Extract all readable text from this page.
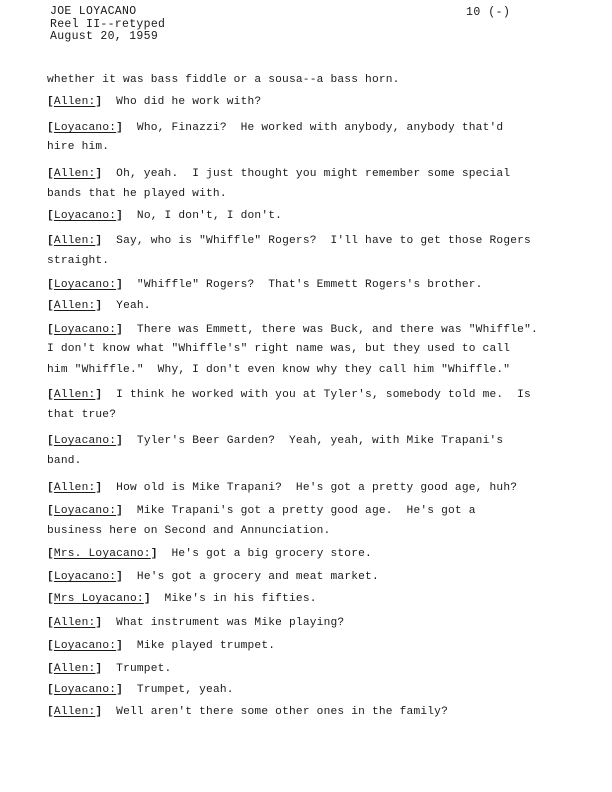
JOE LOYACANO
Reel II--retyped
August 20, 1959
10 (-)
whether it was bass fiddle or a sousa--a bass horn.
[Allen:]  Who did he work with?
[Loyacano:]  Who, Finazzi?  He worked with anybody, anybody that'd
hire him.
[Allen:]  Oh, yeah.  I just thought you might remember some special
bands that he played with.
[Loyacano:]  No, I don't, I don't.
[Allen:]  Say, who is "Whiffle" Rogers?  I'll have to get those Rogers
straight.
[Loyacano:]  "Whiffle" Rogers?  That's Emmett Rogers's brother.
[Allen:]  Yeah.
[Loyacano:]  There was Emmett, there was Buck, and there was "Whiffle".
I don't know what "Whiffle's" right name was, but they used to call
him "Whiffle."  Why, I don't even know why they call him "Whiffle."
[Allen:]  I think he worked with you at Tyler's, somebody told me.  Is
that true?
[Loyacano:]  Tyler's Beer Garden?  Yeah, yeah, with Mike Trapani's
band.
[Allen:]  How old is Mike Trapani?  He's got a pretty good age, huh?
[Loyacano:]  Mike Trapani's got a pretty good age.  He's got a
business here on Second and Annunciation.
[Mrs. Loyacano:]  He's got a big grocery store.
[Loyacano:]  He's got a grocery and meat market.
[Mrs Loyacano:]  Mike's in his fifties.
[Allen:]  What instrument was Mike playing?
[Loyacano:]  Mike played trumpet.
[Allen:]  Trumpet.
[Loyacano:]  Trumpet, yeah.
[Allen:]  Well aren't there some other ones in the family?
